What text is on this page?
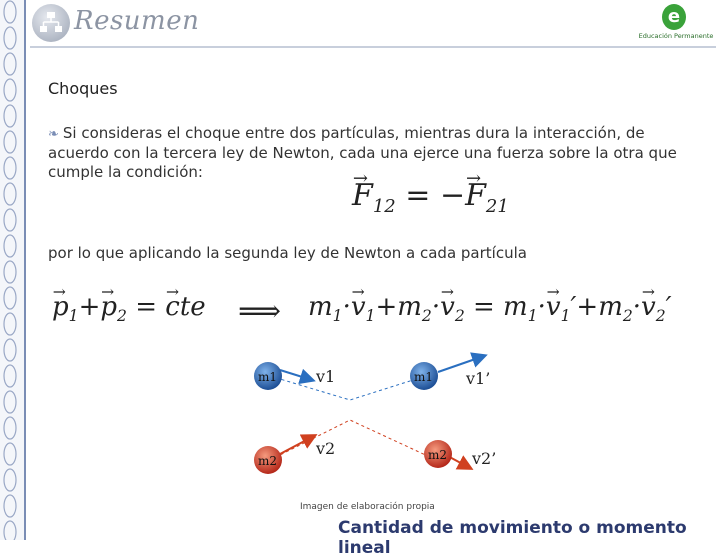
Resumen	e
Educación Permanente
Choques
❧ Si consideras el choque entre dos partículas, mientras dura la interacción, de acuerdo con la tercera ley de Newton, cada una ejerce una fuerza sobre la otra que cumple la condición:
→ $F_{12}$ = −→ $F_{21}$
por lo que aplicando la segunda ley de Newton a cada partícula
→ $p_1+\to p_2$ = → cte ⟹ $m_1\cdot\to v_1+m_2\cdot\to v_2 = m_1\cdot\to v_1'+m_2\cdot\to v_2'$
m1	m1
m2	m2
v1	v1’
v2
v2’
Imagen de elaboración propia
Cantidad de movimiento o momento lineal
